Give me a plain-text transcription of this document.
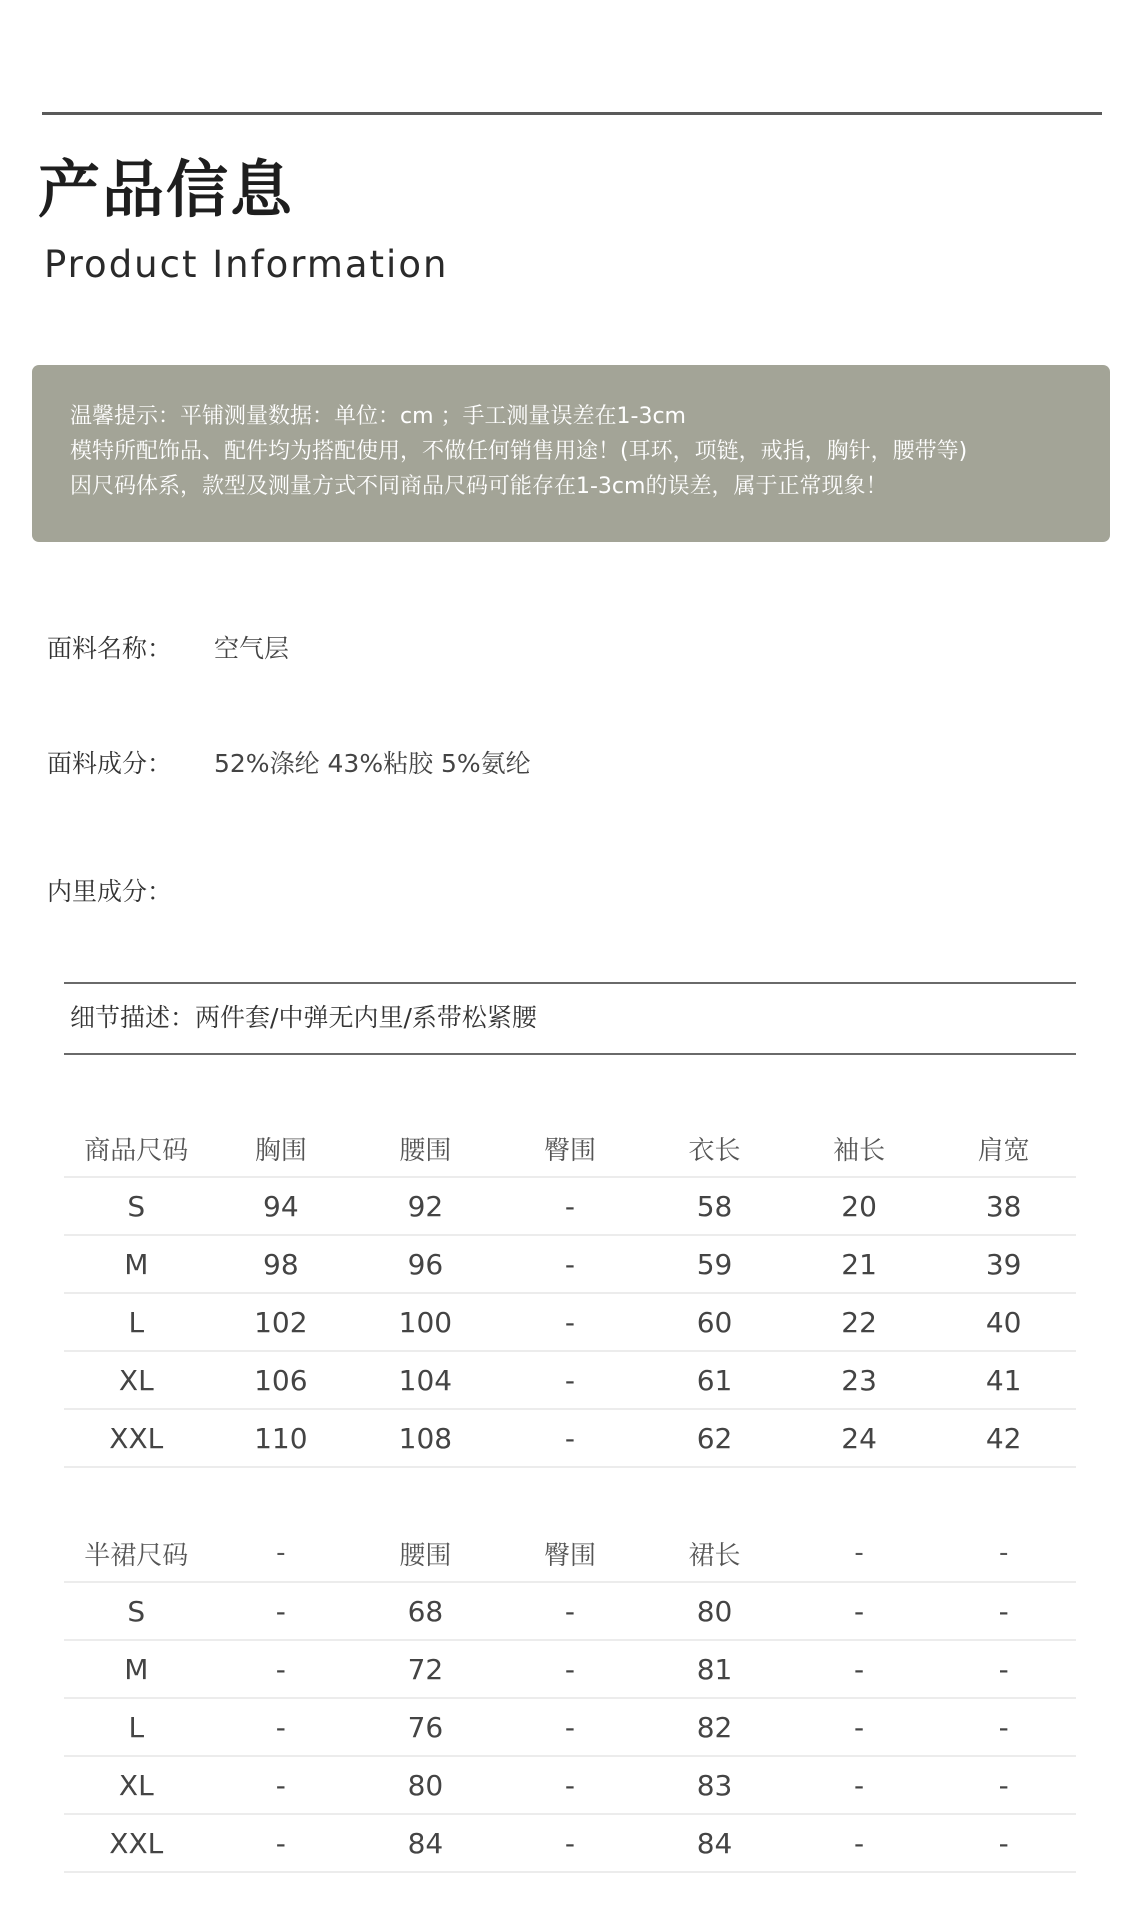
产品信息
Product Information
温馨提示：平铺测量数据：单位：cm ；手工测量误差在1-3cm
模特所配饰品、配件均为搭配使用，不做任何销售用途！(耳环，项链，戒指，胸针，腰带等)
因尺码体系，款型及测量方式不同商品尺码可能存在1-3cm的误差，属于正常现象！
面料名称： 空气层
面料成分： 52%涤纶 43%粘胶 5%氨纶
内里成分：
细节描述：两件套/中弹无内里/系带松紧腰
商品尺码	胸围	腰围	臀围	衣长	袖长	肩宽
S	94	92	-	58	20	38
M	98	96	-	59	21	39
L	102	100	-	60	22	40
XL	106	104	-	61	23	41
XXL	110	108	-	62	24	42
半裙尺码	-	腰围	臀围	裙长	-	-
S	-	68	-	80	-	-
M	-	72	-	81	-	-
L	-	76	-	82	-	-
XL	-	80	-	83	-	-
XXL	-	84	-	84	-	-
